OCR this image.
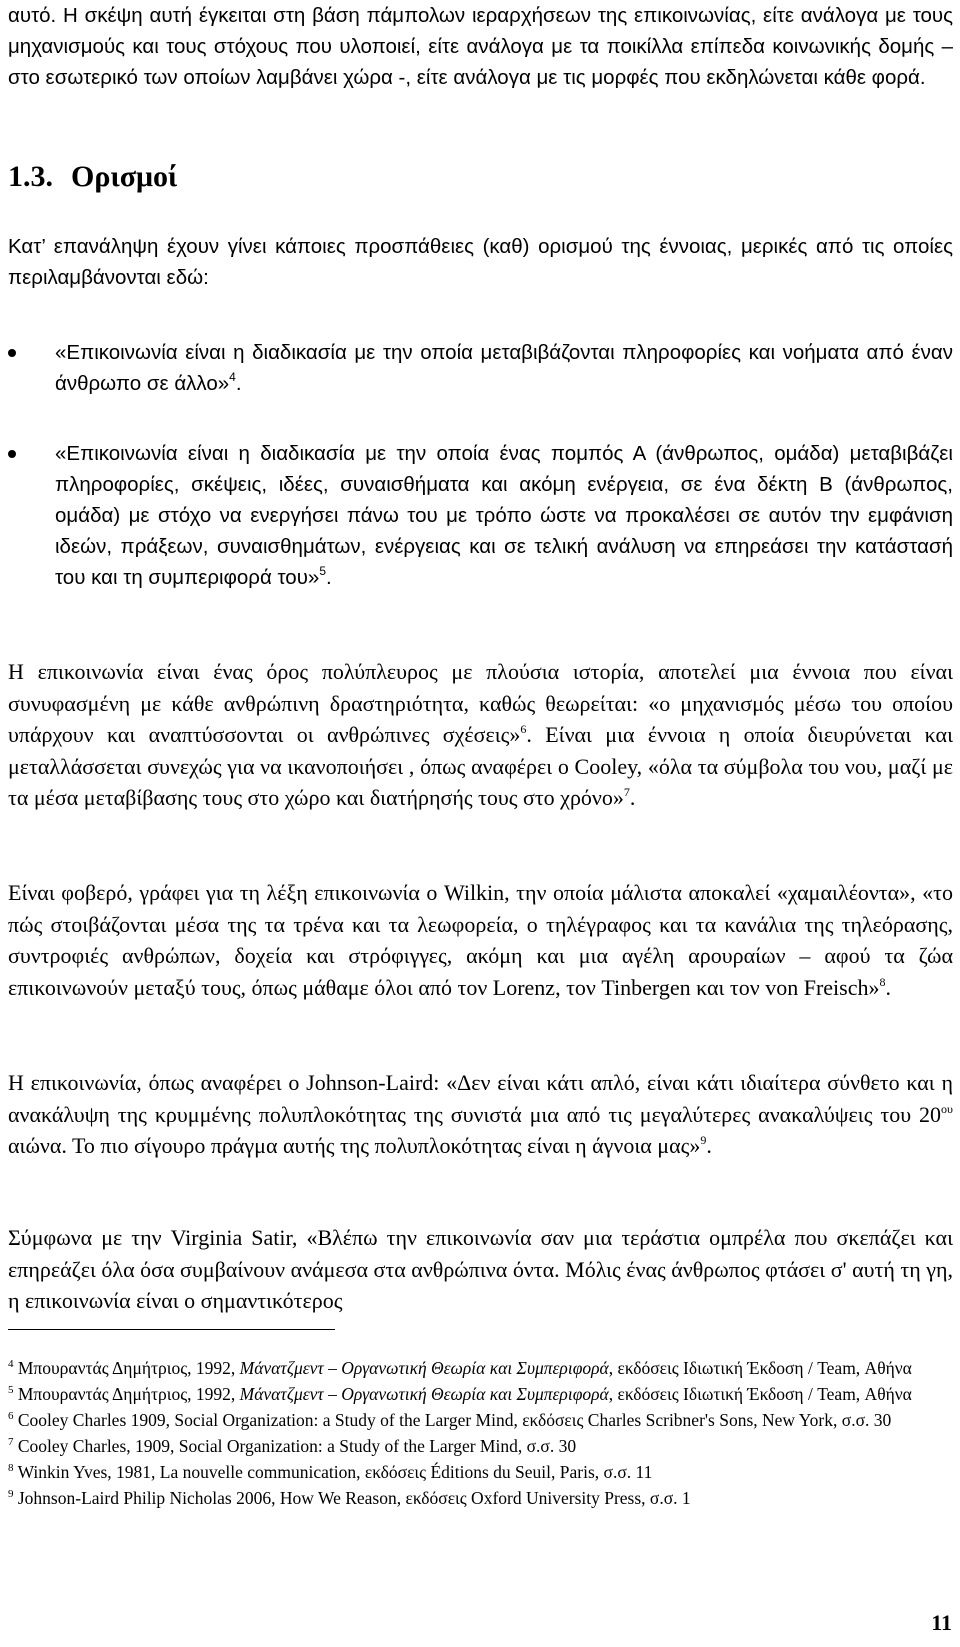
αυτό. Η σκέψη αυτή έγκειται στη βάση πάμπολων ιεραρχήσεων της επικοινωνίας, είτε ανάλογα με τους μηχανισμούς και τους στόχους που υλοποιεί, είτε ανάλογα με τα ποικίλλα επίπεδα κοινωνικής δομής – στο εσωτερικό των οποίων λαμβάνει χώρα -, είτε ανάλογα με τις μορφές που εκδηλώνεται κάθε φορά.

1.3. Ορισμοί

Κατ’ επανάληψη έχουν γίνει κάποιες προσπάθειες (καθ) ορισμού της έννοιας, μερικές από τις οποίες περιλαμβάνονται εδώ:

«Επικοινωνία είναι η διαδικασία με την οποία μεταβιβάζονται πληροφορίες και νοήματα από έναν άνθρωπο σε άλλο»$^4$.

«Επικοινωνία είναι η διαδικασία με την οποία ένας πομπός Α (άνθρωπος, ομάδα) μεταβιβάζει πληροφορίες, σκέψεις, ιδέες, συναισθήματα και ακόμη ενέργεια, σε ένα δέκτη Β (άνθρωπος, ομάδα) με στόχο να ενεργήσει πάνω του με τρόπο ώστε να προκαλέσει σε αυτόν την εμφάνιση ιδεών, πράξεων, συναισθημάτων, ενέργειας και σε τελική ανάλυση να επηρεάσει την κατάστασή του και τη συμπεριφορά του»$^5$.

Η επικοινωνία είναι ένας όρος πολύπλευρος με πλούσια ιστορία, αποτελεί μια έννοια που είναι συνυφασμένη με κάθε ανθρώπινη δραστηριότητα, καθώς θεωρείται: «ο μηχανισμός μέσω του οποίου υπάρχουν και αναπτύσσονται οι ανθρώπινες σχέσεις»$^6$. Είναι μια έννοια η οποία διευρύνεται και μεταλλάσσεται συνεχώς για να ικανοποιήσει , όπως αναφέρει ο Cooley, «όλα τα σύμβολα του νου, μαζί με τα μέσα μεταβίβασης τους στο χώρο και διατήρησής τους στο χρόνο»$^7$.

Είναι φοβερό, γράφει για τη λέξη επικοινωνία ο Wilkin, την οποία μάλιστα αποκαλεί «χαμαιλέοντα», «το πώς στοιβάζονται μέσα της τα τρένα και τα λεωφορεία, ο τηλέγραφος και τα κανάλια της τηλεόρασης, συντροφιές ανθρώπων, δοχεία και στρόφιγγες, ακόμη και μια αγέλη αρουραίων – αφού τα ζώα επικοινωνούν μεταξύ τους, όπως μάθαμε όλοι από τον Lorenz, τον Tinbergen και τον von Freisch»$^8$.

Η επικοινωνία, όπως αναφέρει ο Johnson-Laird: «Δεν είναι κάτι απλό, είναι κάτι ιδιαίτερα σύνθετο και η ανακάλυψη της κρυμμένης πολυπλοκότητας της συνιστά μια από τις μεγαλύτερες ανακαλύψεις του $20^{o\upsilon}$ αιώνα. Το πιο σίγουρο πράγμα αυτής της πολυπλοκότητας είναι η άγνοια μας»$^9$.

Σύμφωνα με την Virginia Satir, «Βλέπω την επικοινωνία σαν μια τεράστια ομπρέλα που σκεπάζει και επηρεάζει όλα όσα συμβαίνουν ανάμεσα στα ανθρώπινα όντα. Μόλις ένας άνθρωπος φτάσει σ' αυτή τη γη, η επικοινωνία είναι ο σημαντικότερος

$^4$ Μπουραντάς Δημήτριος, 1992, Μάνατζμεντ – Οργανωτική Θεωρία και Συμπεριφορά, εκδόσεις Ιδιωτική Έκδοση / Team, Αθήνα

$^5$ Μπουραντάς Δημήτριος, 1992, Μάνατζμεντ – Οργανωτική Θεωρία και Συμπεριφορά, εκδόσεις Ιδιωτική Έκδοση / Team, Αθήνα

$^6$ Cooley Charles 1909, Social Organization: a Study of the Larger Mind, εκδόσεις Charles Scribner's Sons, New York, σ.σ. 30

$^7$ Cooley Charles, 1909, Social Organization: a Study of the Larger Mind, σ.σ. 30

$^8$ Winkin Yves, 1981, La nouvelle communication, εκδόσεις Éditions du Seuil, Paris, σ.σ. 11

$^9$ Johnson-Laird Philip Nicholas 2006, How We Reason, εκδόσεις Oxford University Press, σ.σ. 1

11
